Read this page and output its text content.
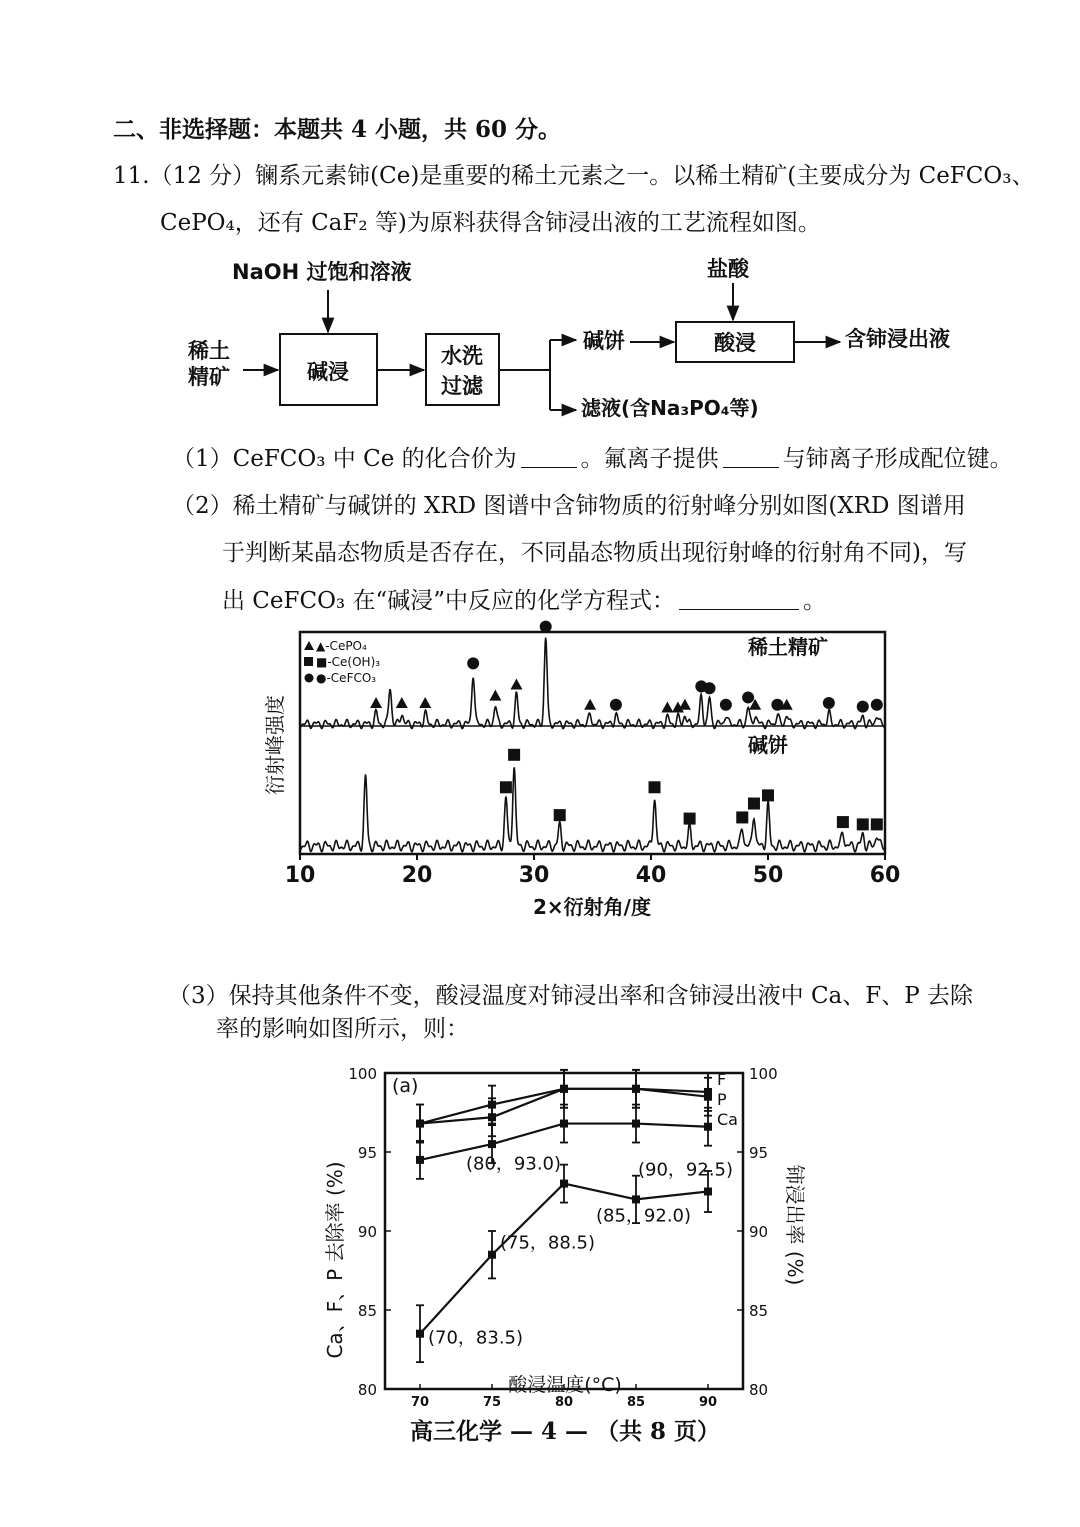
二、非选择题：本题共 4 小题，共 60 分。
11.（12 分）镧系元素铈(Ce)是重要的稀土元素之一。以稀土精矿(主要成分为 CeFCO₃、
CePO₄，还有 CaF₂ 等)为原料获得含铈浸出液的工艺流程如图。
NaOH 过饱和溶液	盐酸
稀土
精矿	碱浸
水洗
过滤
酸浸
碱饼	含铈浸出液
滤液(含Na₃PO₄等)
（1）CeFCO₃ 中 Ce 的化合价为	。氟离子提供	与铈离子形成配位键。
（2）稀土精矿与碱饼的 XRD 图谱中含铈物质的衍射峰分别如图(XRD 图谱用
于判断某晶态物质是否存在，不同晶态物质出现衍射峰的衍射角不同)，写
出 CeFCO₃ 在“碱浸”中反应的化学方程式：	。
▲-CePO₄
■-Ce(OH)₃
●-CeFCO₃
稀土精矿
碱饼
衍射峰强度
2×衍射角/度
10	20	30	40	50	60
（3）保持其他条件不变，酸浸温度对铈浸出率和含铈浸出液中 Ca、F、P 去除
率的影响如图所示，则：
(a)
Ca、F、P 去除率 (%)	铈浸出率 (%)
酸浸温度(°C)
80	80
85	85
90	90
95	95
100	100
70	75	80	85	90
F
P
Ca
(70，83.5)
(75，88.5)
(80，93.0)
(85，92.0)
(90，92.5)
高三化学 — 4 — （共 8 页）
